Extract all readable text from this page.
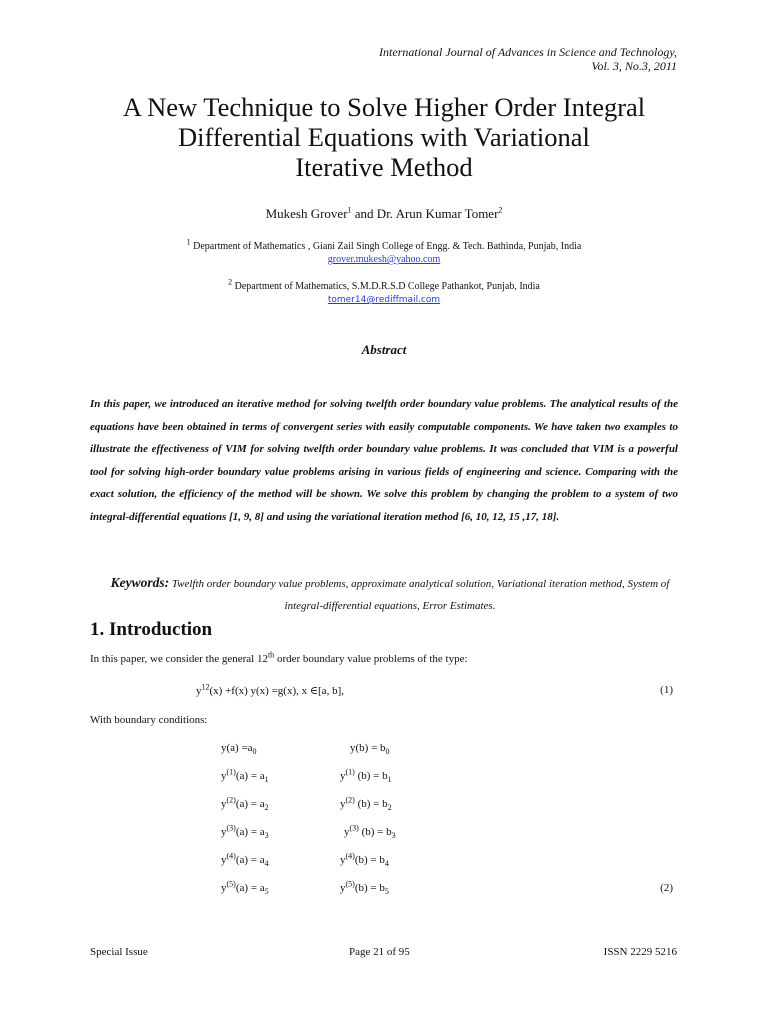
International Journal of Advances in Science and Technology,
Vol. 3, No.3, 2011
A New Technique to Solve Higher Order Integral
Differential Equations with Variational
Iterative Method
Mukesh Grover$^1$ and Dr. Arun Kumar Tomer$^2$
$^1$ Department of Mathematics , Giani Zail Singh College of Engg. & Tech. Bathinda, Punjab, India
grover.mukesh@yahoo.com
$^2$ Department of Mathematics, S.M.D.R.S.D College Pathankot, Punjab, India
tomer14@rediffmail.com
Abstract

In this paper, we introduced an iterative method for solving twelfth order boundary value problems. The analytical results of the equations have been obtained in terms of convergent series with easily computable components. We have taken two examples to illustrate the effectiveness of VIM for solving twelfth order boundary value problems. It was concluded that VIM is a powerful tool for solving high-order boundary value problems arising in various fields of engineering and science. Comparing with the exact solution, the efficiency of the method will be shown. We solve this problem by changing the problem to a system of two integral-differential equations [1, 9, 8] and using the variational iteration method [6, 10, 12, 15 ,17, 18].

Keywords: Twelfth order boundary value problems, approximate analytical solution, Variational iteration method, System of integral-differential equations, Error Estimates.

1. Introduction

In this paper, we consider the general 12th order boundary value problems of the type:

$y^{12}(x) +f(x)$ y(x) =g(x), x ∈[a, b],	(1)
With boundary conditions:
$y(a) =a_0$	$y(b) = b_0$
$y^{(1)}(a) = a_1$	$y^{(1)}$ $(b) = b_1$
$y^{(2)}(a) = a_2$	$y^{(2)}$ $(b) = b_2$
$y^{(3)}(a) = a_3$	$y^{(3)}$ $(b) = b_3$
$y^{(4)}(a) = a_4$	$y^{(4)}(b) = b_4$
$y^{(5)}(a) = a_5$	$y^{(5)}(b) = b_5$	(2)
Special Issue	Page 21 of 95	ISSN 2229 5216
